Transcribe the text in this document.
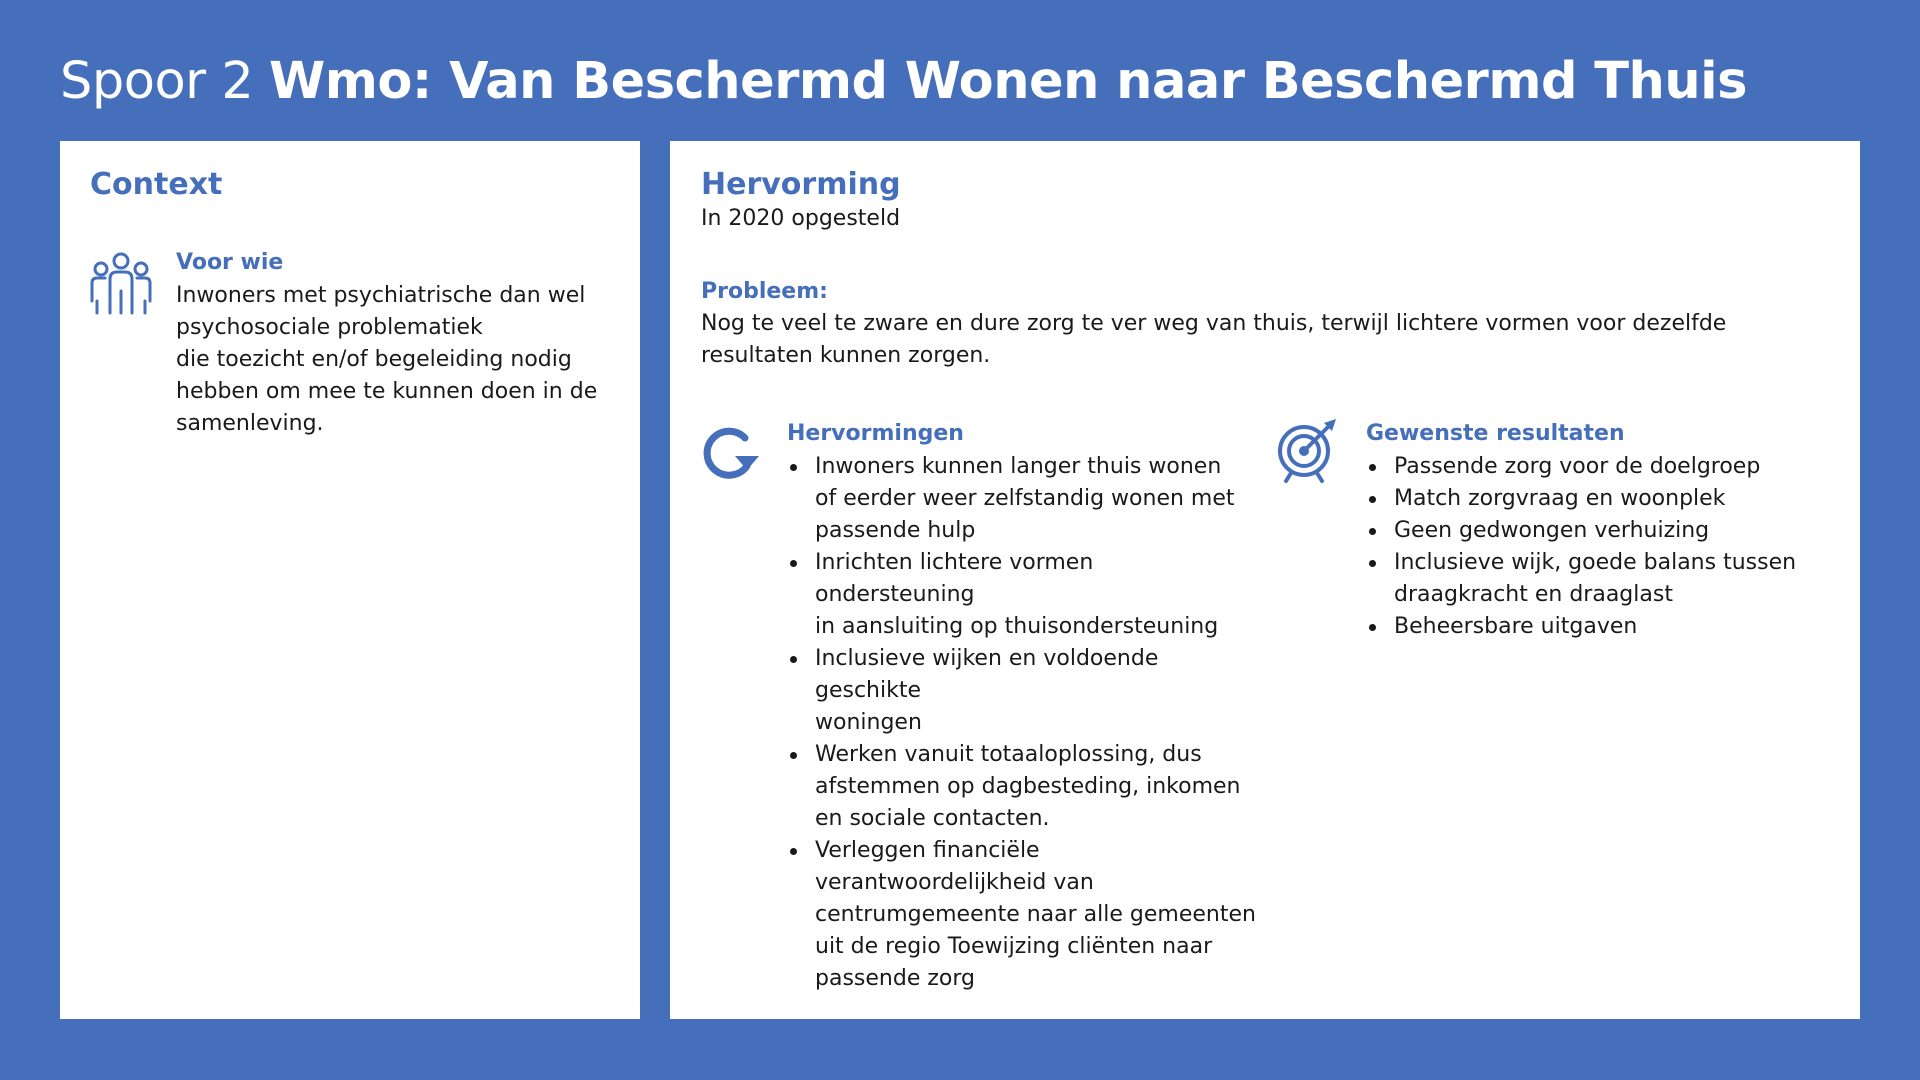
Spoor 2 Wmo: Van Beschermd Wonen naar Beschermd Thuis
Context
Voor wie
Inwoners met psychiatrische dan wel
psychosociale problematiek
die toezicht en/of begeleiding nodig
hebben om mee te kunnen doen in de
samenleving.
Hervorming
In 2020 opgesteld
Probleem:
Nog te veel te zware en dure zorg te ver weg van thuis, terwijl lichtere vormen voor dezelfde
resultaten kunnen zorgen.
Hervormingen
Inwoners kunnen langer thuis wonen
of eerder weer zelfstandig wonen met
passende hulp
Inrichten lichtere vormen ondersteuning
in aansluiting op thuisondersteuning
Inclusieve wijken en voldoende geschikte
woningen
Werken vanuit totaaloplossing, dus
afstemmen op dagbesteding, inkomen
en sociale contacten.
Verleggen financiële
verantwoordelijkheid van
centrumgemeente naar alle gemeenten
uit de regio Toewijzing cliënten naar
passende zorg
Gewenste resultaten
Passende zorg voor de doelgroep
Match zorgvraag en woonplek
Geen gedwongen verhuizing
Inclusieve wijk, goede balans tussen
draagkracht en draaglast
Beheersbare uitgaven
